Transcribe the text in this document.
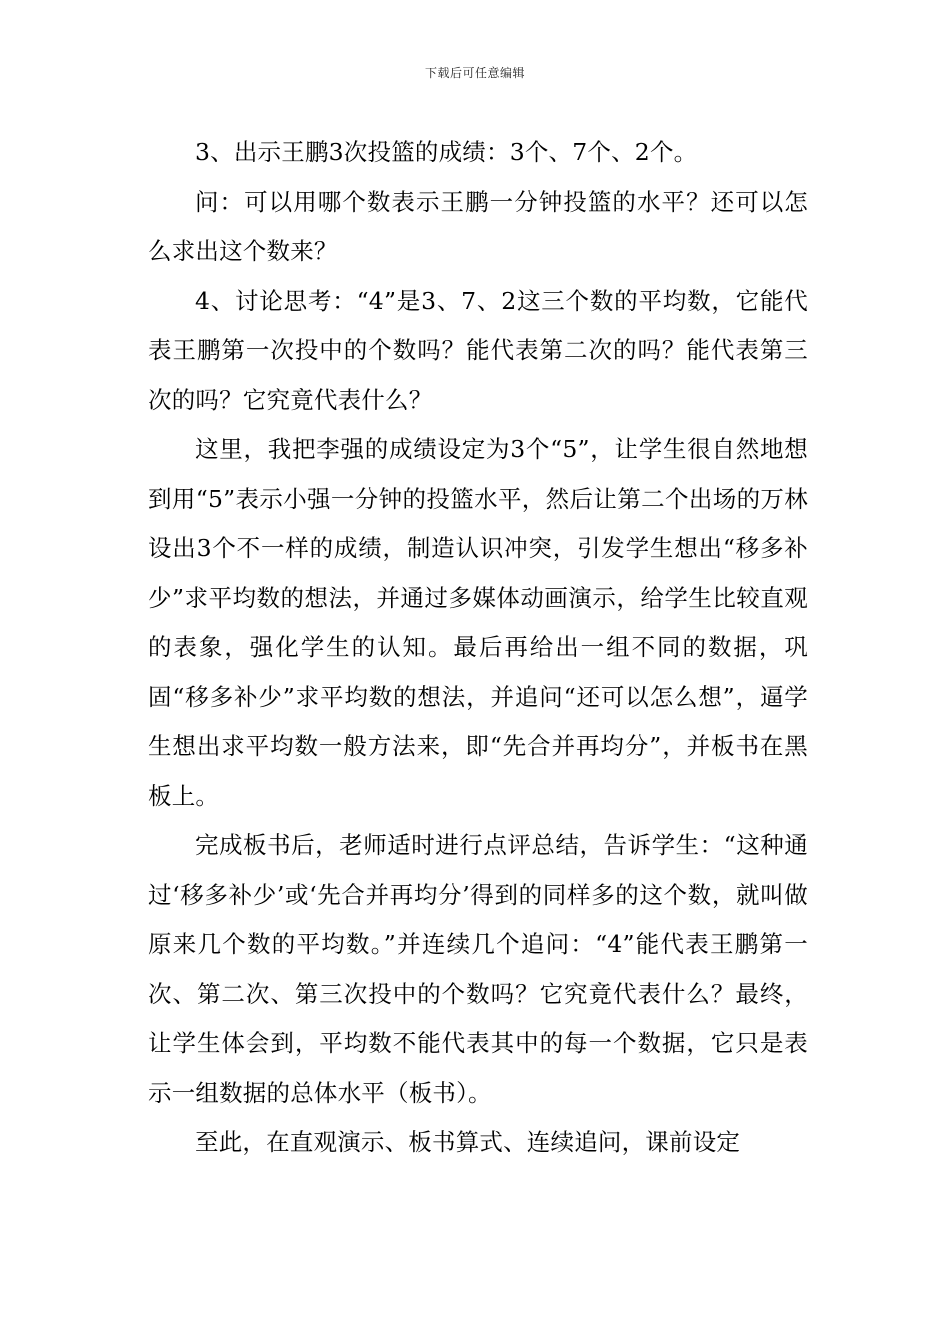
下载后可任意编辑

3、出示王鹏3次投篮的成绩：3个、7个、2个。

问：可以用哪个数表示王鹏一分钟投篮的水平？还可以怎么求出这个数来？

4、讨论思考：“4”是3、7、2这三个数的平均数，它能代表王鹏第一次投中的个数吗？能代表第二次的吗？能代表第三次的吗？它究竟代表什么？

这里，我把李强的成绩设定为3个“5”，让学生很自然地想到用“5”表示小强一分钟的投篮水平，然后让第二个出场的万林设出3个不一样的成绩，制造认识冲突，引发学生想出“移多补少”求平均数的想法，并通过多媒体动画演示，给学生比较直观的表象，强化学生的认知。最后再给出一组不同的数据，巩固“移多补少”求平均数的想法，并追问“还可以怎么想”，逼学生想出求平均数一般方法来，即“先合并再均分”，并板书在黑板上。

完成板书后，老师适时进行点评总结，告诉学生：“这种通过‘移多补少’或‘先合并再均分’得到的同样多的这个数，就叫做原来几个数的平均数。”并连续几个追问：“4”能代表王鹏第一次、第二次、第三次投中的个数吗？它究竟代表什么？最终，让学生体会到，平均数不能代表其中的每一个数据，它只是表示一组数据的总体水平（板书）。

至此，在直观演示、板书算式、连续追问，课前设定
